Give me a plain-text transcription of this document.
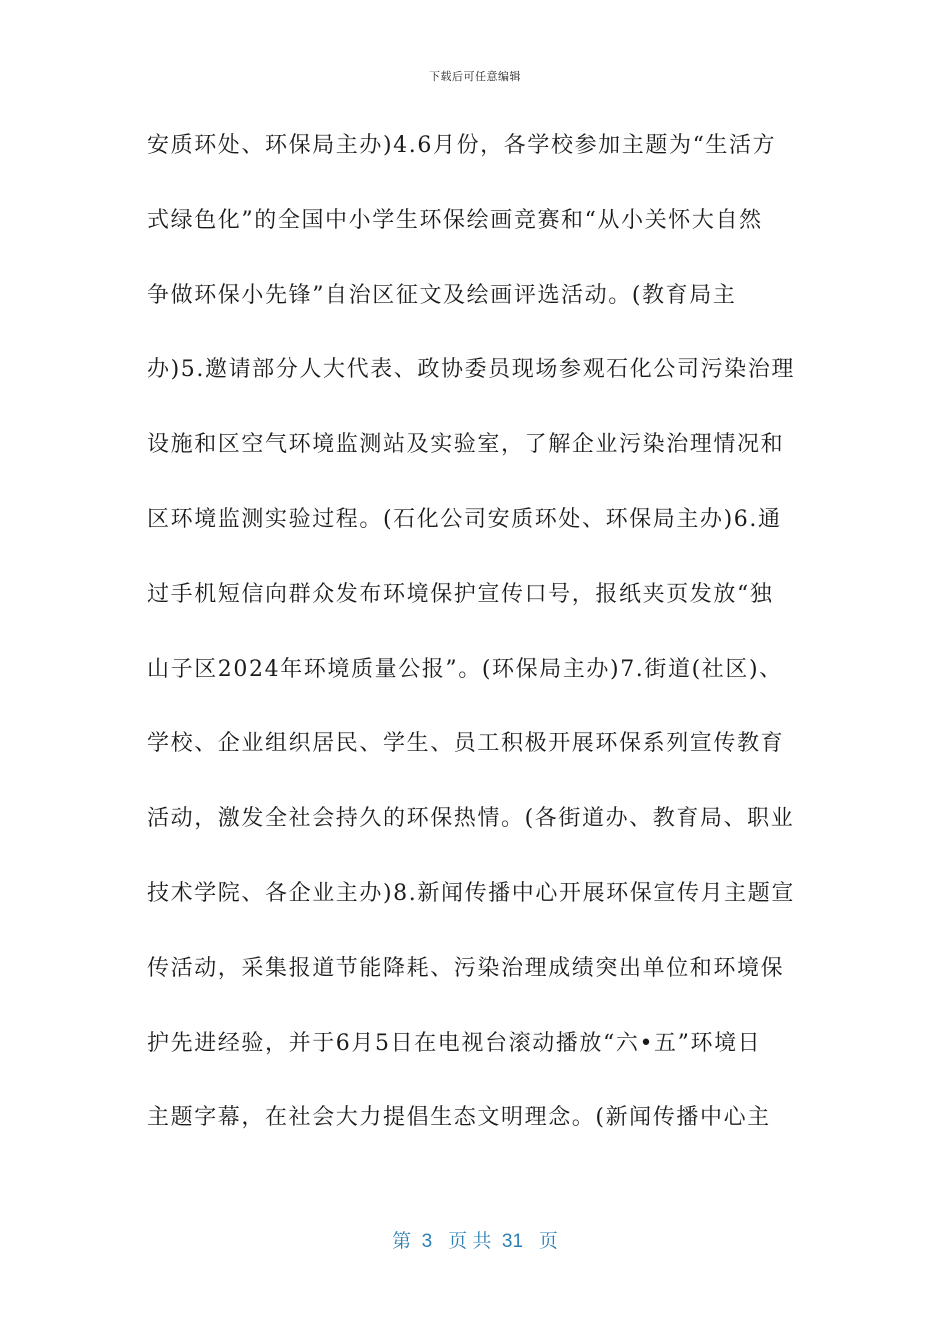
下载后可任意编辑
安质环处、环保局主办)4.6月份，各学校参加主题为“生活方
式绿色化”的全国中小学生环保绘画竞赛和“从小关怀大自然
争做环保小先锋”自治区征文及绘画评选活动。(教育局主
办)5.邀请部分人大代表、政协委员现场参观石化公司污染治理
设施和区空气环境监测站及实验室，了解企业污染治理情况和
区环境监测实验过程。(石化公司安质环处、环保局主办)6.通
过手机短信向群众发布环境保护宣传口号，报纸夹页发放“独
山子区2024年环境质量公报”。(环保局主办)7.街道(社区)、
学校、企业组织居民、学生、员工积极开展环保系列宣传教育
活动，激发全社会持久的环保热情。(各街道办、教育局、职业
技术学院、各企业主办)8.新闻传播中心开展环保宣传月主题宣
传活动，采集报道节能降耗、污染治理成绩突出单位和环境保
护先进经验，并于6月5日在电视台滚动播放“六•五”环境日
主题字幕，在社会大力提倡生态文明理念。(新闻传播中心主
第  3   页 共  31   页
